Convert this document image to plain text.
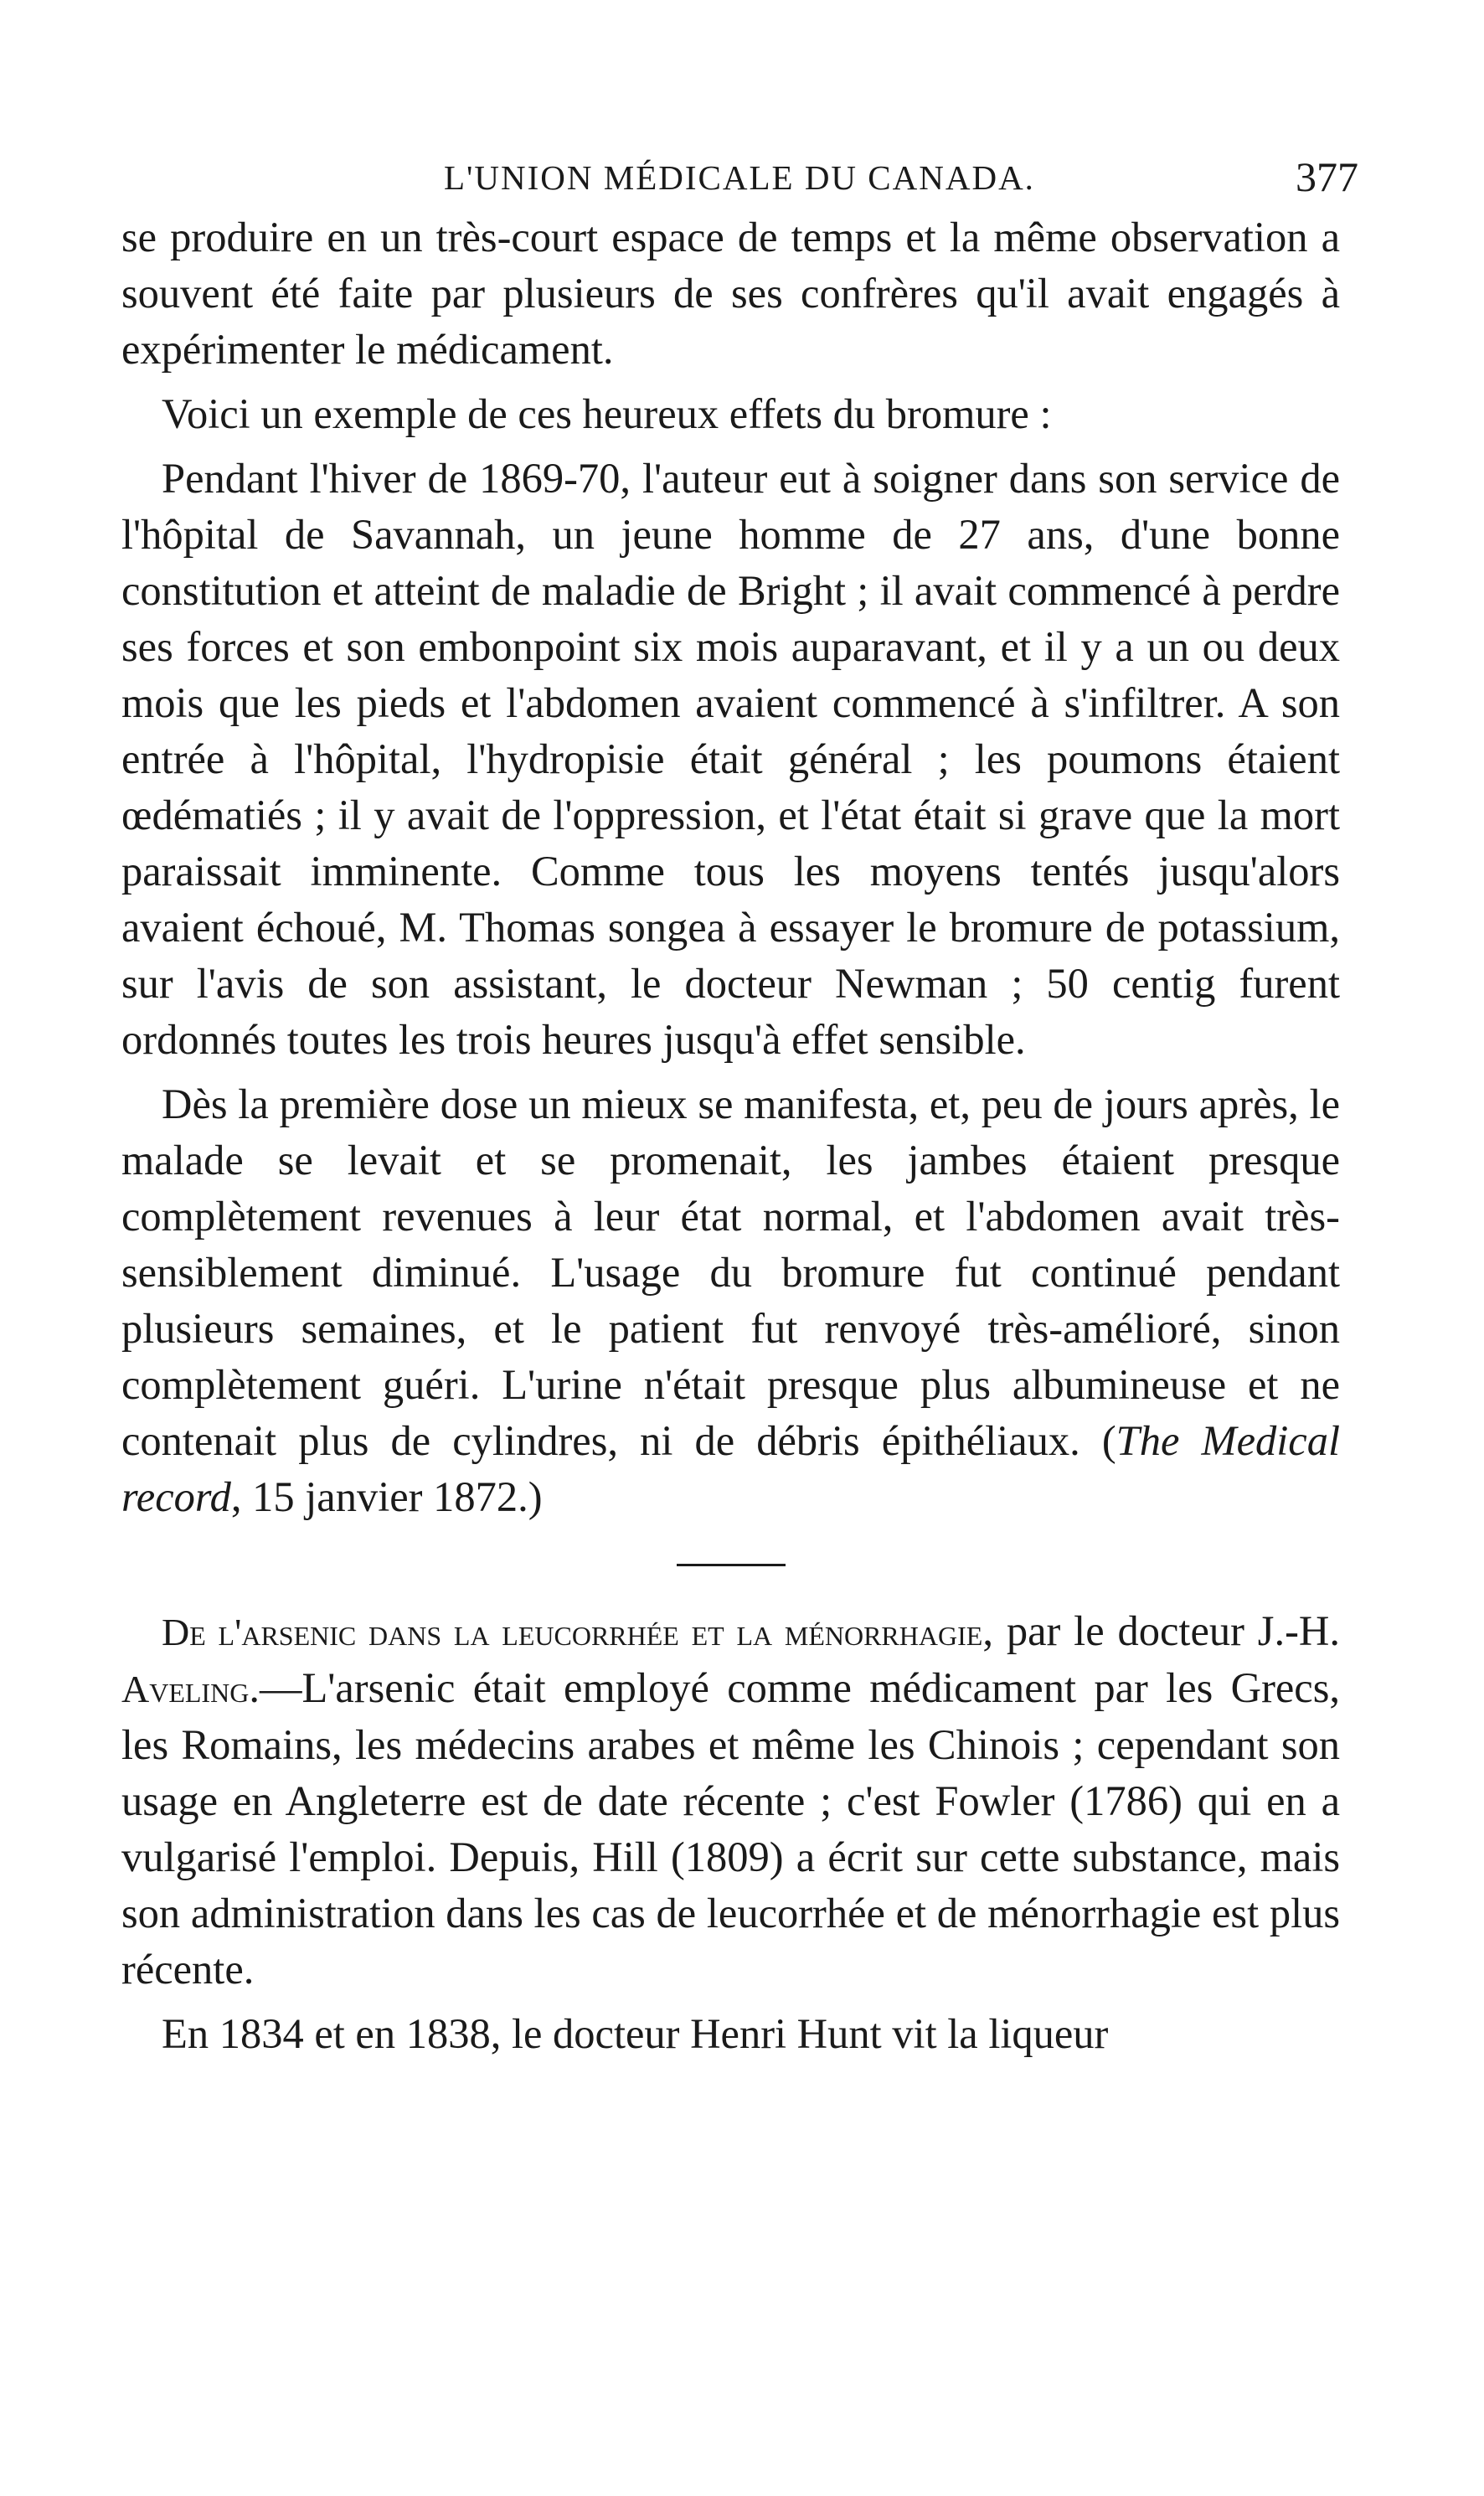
L'UNION MÉDICALE DU CANADA.	377

se produire en un très-court espace de temps et la même observation a souvent été faite par plusieurs de ses confrères qu'il avait engagés à expérimenter le médicament.

Voici un exemple de ces heureux effets du bromure :

Pendant l'hiver de 1869-70, l'auteur eut à soigner dans son service de l'hôpital de Savannah, un jeune homme de 27 ans, d'une bonne constitution et atteint de maladie de Bright ; il avait commencé à perdre ses forces et son embonpoint six mois auparavant, et il y a un ou deux mois que les pieds et l'abdomen avaient commencé à s'infiltrer. A son entrée à l'hôpital, l'hydropisie était général ; les poumons étaient œdématiés ; il y avait de l'oppression, et l'état était si grave que la mort paraissait imminente. Comme tous les moyens tentés jusqu'alors avaient échoué, M. Thomas songea à essayer le bromure de potassium, sur l'avis de son assistant, le docteur Newman ; 50 centig furent ordonnés toutes les trois heures jusqu'à effet sensible.

Dès la première dose un mieux se manifesta, et, peu de jours après, le malade se levait et se promenait, les jambes étaient presque complètement revenues à leur état normal, et l'abdomen avait très-sensiblement diminué. L'usage du bromure fut continué pendant plusieurs semaines, et le patient fut renvoyé très-amélioré, sinon complètement guéri. L'urine n'était presque plus albumineuse et ne contenait plus de cylindres, ni de débris épithéliaux. (The Medical record, 15 janvier 1872.)

De l'arsenic dans la leucorrhée et la ménorrhagie, par le docteur J.-H. Aveling.—L'arsenic était employé comme médicament par les Grecs, les Romains, les médecins arabes et même les Chinois ; cependant son usage en Angleterre est de date récente ; c'est Fowler (1786) qui en a vulgarisé l'emploi. Depuis, Hill (1809) a écrit sur cette substance, mais son administration dans les cas de leucorrhée et de ménorrhagie est plus récente.

En 1834 et en 1838, le docteur Henri Hunt vit la liqueur
